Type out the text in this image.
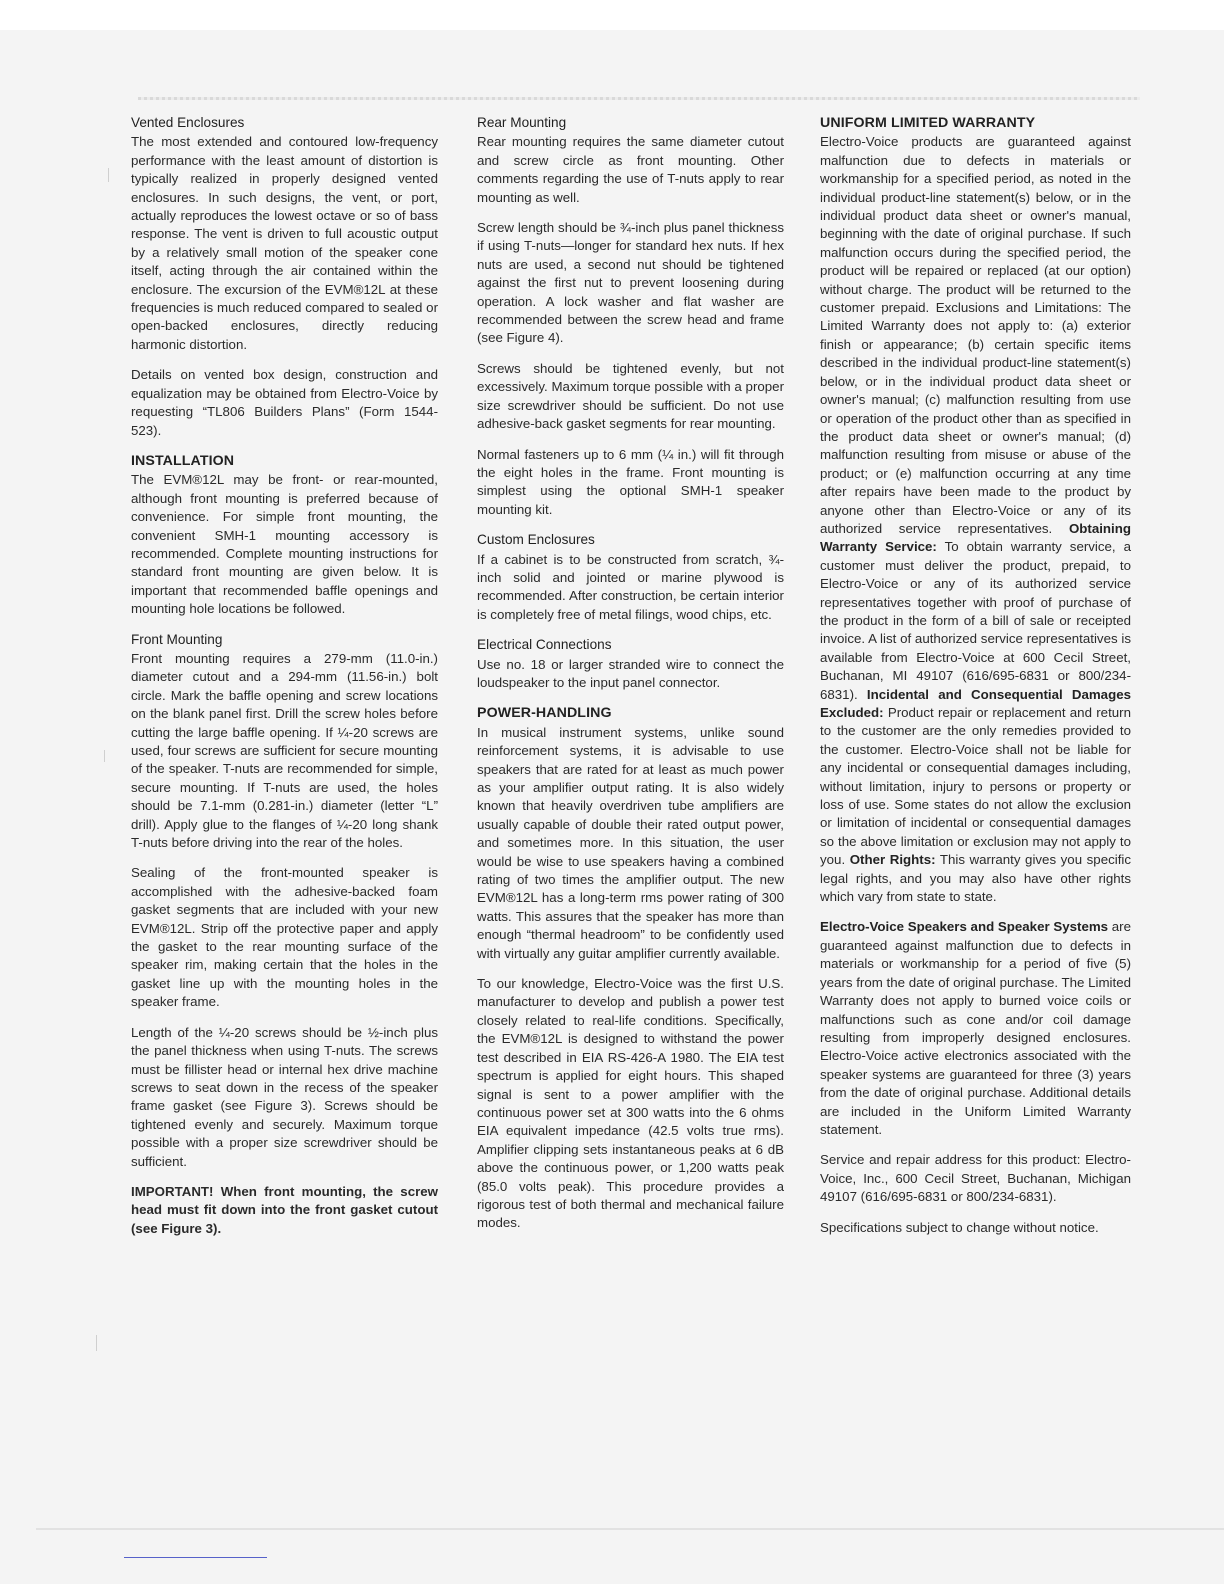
Vented Enclosures

The most extended and contoured low-frequency performance with the least amount of distortion is typically realized in properly designed vented enclosures. In such designs, the vent, or port, actually reproduces the lowest octave or so of bass response. The vent is driven to full acoustic output by a relatively small motion of the speaker cone itself, acting through the air contained within the enclosure. The excursion of the EVM®12L at these frequencies is much reduced compared to sealed or open-backed enclosures, directly reducing harmonic distortion.

Details on vented box design, construction and equalization may be obtained from Electro-Voice by requesting “TL806 Builders Plans” (Form 1544-523).

INSTALLATION

The EVM®12L may be front- or rear-mounted, although front mounting is preferred because of convenience. For simple front mounting, the convenient SMH-1 mounting accessory is recommended. Complete mounting instructions for standard front mounting are given below. It is important that recommended baffle openings and mounting hole locations be followed.

Front Mounting

Front mounting requires a 279-mm (11.0-in.) diameter cutout and a 294-mm (11.56-in.) bolt circle. Mark the baffle opening and screw locations on the blank panel first. Drill the screw holes before cutting the large baffle opening. If ¼-20 screws are used, four screws are sufficient for secure mounting of the speaker. T-nuts are recommended for simple, secure mounting. If T-nuts are used, the holes should be 7.1-mm (0.281-in.) diameter (letter “L” drill). Apply glue to the flanges of ¼-20 long shank T-nuts before driving into the rear of the holes.

Sealing of the front-mounted speaker is accomplished with the adhesive-backed foam gasket segments that are included with your new EVM®12L. Strip off the protective paper and apply the gasket to the rear mounting surface of the speaker rim, making certain that the holes in the gasket line up with the mounting holes in the speaker frame.

Length of the ¼-20 screws should be ½-inch plus the panel thickness when using T-nuts. The screws must be fillister head or internal hex drive machine screws to seat down in the recess of the speaker frame gasket (see Figure 3). Screws should be tightened evenly and securely. Maximum torque possible with a proper size screwdriver should be sufficient.

IMPORTANT! When front mounting, the screw head must fit down into the front gasket cutout (see Figure 3).

Rear Mounting

Rear mounting requires the same diameter cutout and screw circle as front mounting. Other comments regarding the use of T-nuts apply to rear mounting as well.

Screw length should be ¾-inch plus panel thickness if using T-nuts—longer for standard hex nuts. If hex nuts are used, a second nut should be tightened against the first nut to prevent loosening during operation. A lock washer and flat washer are recommended between the screw head and frame (see Figure 4).

Screws should be tightened evenly, but not excessively. Maximum torque possible with a proper size screwdriver should be sufficient. Do not use adhesive-back gasket segments for rear mounting.

Normal fasteners up to 6 mm (¼ in.) will fit through the eight holes in the frame. Front mounting is simplest using the optional SMH-1 speaker mounting kit.

Custom Enclosures

If a cabinet is to be constructed from scratch, ¾-inch solid and jointed or marine plywood is recommended. After construction, be certain interior is completely free of metal filings, wood chips, etc.

Electrical Connections

Use no. 18 or larger stranded wire to connect the loudspeaker to the input panel connector.

POWER-HANDLING

In musical instrument systems, unlike sound reinforcement systems, it is advisable to use speakers that are rated for at least as much power as your amplifier output rating. It is also widely known that heavily overdriven tube amplifiers are usually capable of double their rated output power, and sometimes more. In this situation, the user would be wise to use speakers having a combined rating of two times the amplifier output. The new EVM®12L has a long-term rms power rating of 300 watts. This assures that the speaker has more than enough “thermal headroom” to be confidently used with virtually any guitar amplifier currently available.

To our knowledge, Electro-Voice was the first U.S. manufacturer to develop and publish a power test closely related to real-life conditions. Specifically, the EVM®12L is designed to withstand the power test described in EIA RS-426-A 1980. The EIA test spectrum is applied for eight hours. This shaped signal is sent to a power amplifier with the continuous power set at 300 watts into the 6 ohms EIA equivalent impedance (42.5 volts true rms). Amplifier clipping sets instantaneous peaks at 6 dB above the continuous power, or 1,200 watts peak (85.0 volts peak). This procedure provides a rigorous test of both thermal and mechanical failure modes.

UNIFORM LIMITED WARRANTY

Electro-Voice products are guaranteed against malfunction due to defects in materials or workmanship for a specified period, as noted in the individual product-line statement(s) below, or in the individual product data sheet or owner's manual, beginning with the date of original purchase. If such malfunction occurs during the specified period, the product will be repaired or replaced (at our option) without charge. The product will be returned to the customer prepaid. Exclusions and Limitations: The Limited Warranty does not apply to: (a) exterior finish or appearance; (b) certain specific items described in the individual product-line statement(s) below, or in the individual product data sheet or owner's manual; (c) malfunction resulting from use or operation of the product other than as specified in the product data sheet or owner's manual; (d) malfunction resulting from misuse or abuse of the product; or (e) malfunction occurring at any time after repairs have been made to the product by anyone other than Electro-Voice or any of its authorized service representatives. Obtaining Warranty Service: To obtain warranty service, a customer must deliver the product, prepaid, to Electro-Voice or any of its authorized service representatives together with proof of purchase of the product in the form of a bill of sale or receipted invoice. A list of authorized service representatives is available from Electro-Voice at 600 Cecil Street, Buchanan, MI 49107 (616/695-6831 or 800/234-6831). Incidental and Consequential Damages Excluded: Product repair or replacement and return to the customer are the only remedies provided to the customer. Electro-Voice shall not be liable for any incidental or consequential damages including, without limitation, injury to persons or property or loss of use. Some states do not allow the exclusion or limitation of incidental or consequential damages so the above limitation or exclusion may not apply to you. Other Rights: This warranty gives you specific legal rights, and you may also have other rights which vary from state to state.

Electro-Voice Speakers and Speaker Systems are guaranteed against malfunction due to defects in materials or workmanship for a period of five (5) years from the date of original purchase. The Limited Warranty does not apply to burned voice coils or malfunctions such as cone and/or coil damage resulting from improperly designed enclosures. Electro-Voice active electronics associated with the speaker systems are guaranteed for three (3) years from the date of original purchase. Additional details are included in the Uniform Limited Warranty statement.

Service and repair address for this product: Electro-Voice, Inc., 600 Cecil Street, Buchanan, Michigan 49107 (616/695-6831 or 800/234-6831).

Specifications subject to change without notice.
